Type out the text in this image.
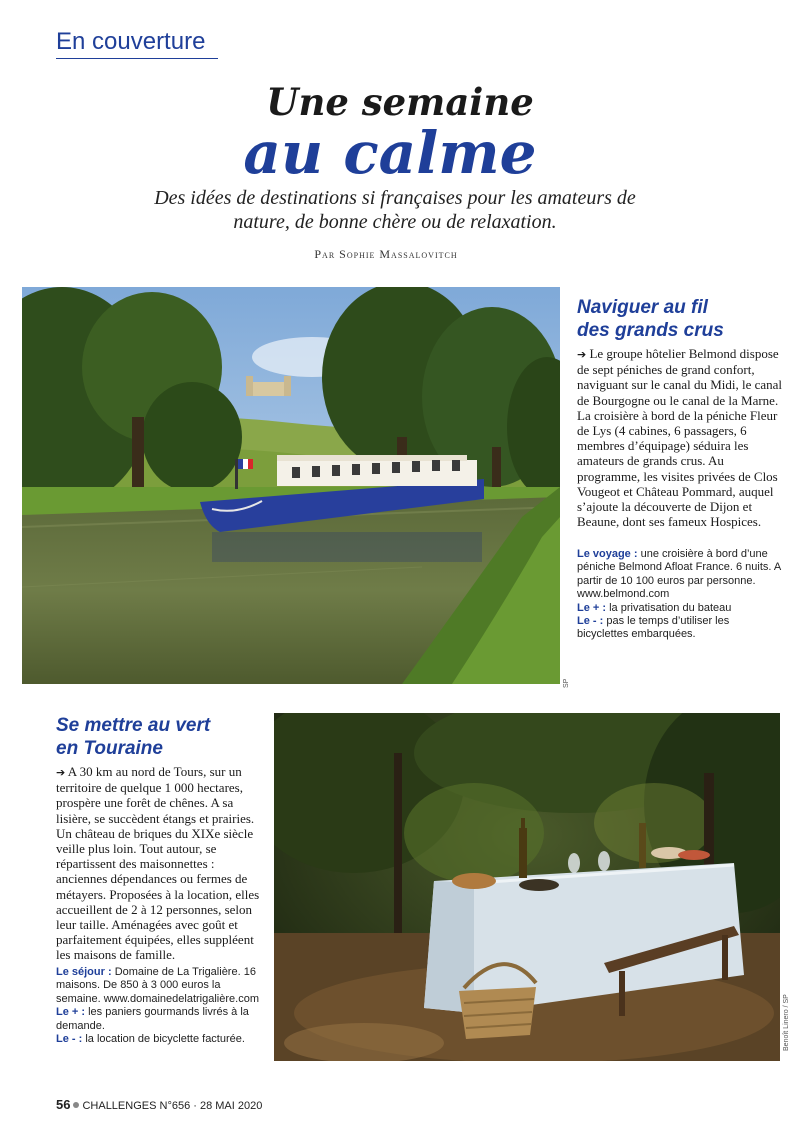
En couverture
Une semaine
au calme
Des idées de destinations si françaises pour les amateurs de nature, de bonne chère ou de relaxation.
Par Sophie Massalovitch
SP
Naviguer au fil
des grands crus

➔ Le groupe hôtelier Belmond dispose de sept péniches de grand confort, naviguant sur le canal du Midi, le canal de Bourgogne ou le canal de la Marne. La croisière à bord de la péniche Fleur de Lys (4 cabines, 6 passagers, 6 membres d’équipage) séduira les amateurs de grands crus. Au programme, les visites privées de Clos Vougeot et Château Pommard, auquel s’ajoute la découverte de Dijon et Beaune, dont ses fameux Hospices.

Le voyage : une croisière à bord d’une péniche Belmond Afloat France. 6 nuits. A partir de 10 100 euros par personne. www.belmond.com

Le + : la privatisation du bateau

Le - : pas le temps d’utiliser les bicyclettes embarquées.

Se mettre au vert
en Touraine

➔ A 30 km au nord de Tours, sur un territoire de quelque 1 000 hectares, prospère une forêt de chênes. A sa lisière, se succèdent étangs et prairies. Un château de briques du XIXe siècle veille plus loin. Tout autour, se répartissent des maisonnettes : anciennes dépendances ou fermes de métayers. Proposées à la location, elles accueillent de 2 à 12 personnes, selon leur taille. Aménagées avec goût et parfaitement équipées, elles suppléent les maisons de famille.

Le séjour : Domaine de La Trigalière. 16 maisons. De 850 à 3 000 euros la semaine. www.domainedelatrigalière.com

Le + : les paniers gourmands livrés à la demande.

Le - : la location de bicyclette facturée.	Benoît Linero / SP
56 CHALLENGES N°656 · 28 MAI 2020
